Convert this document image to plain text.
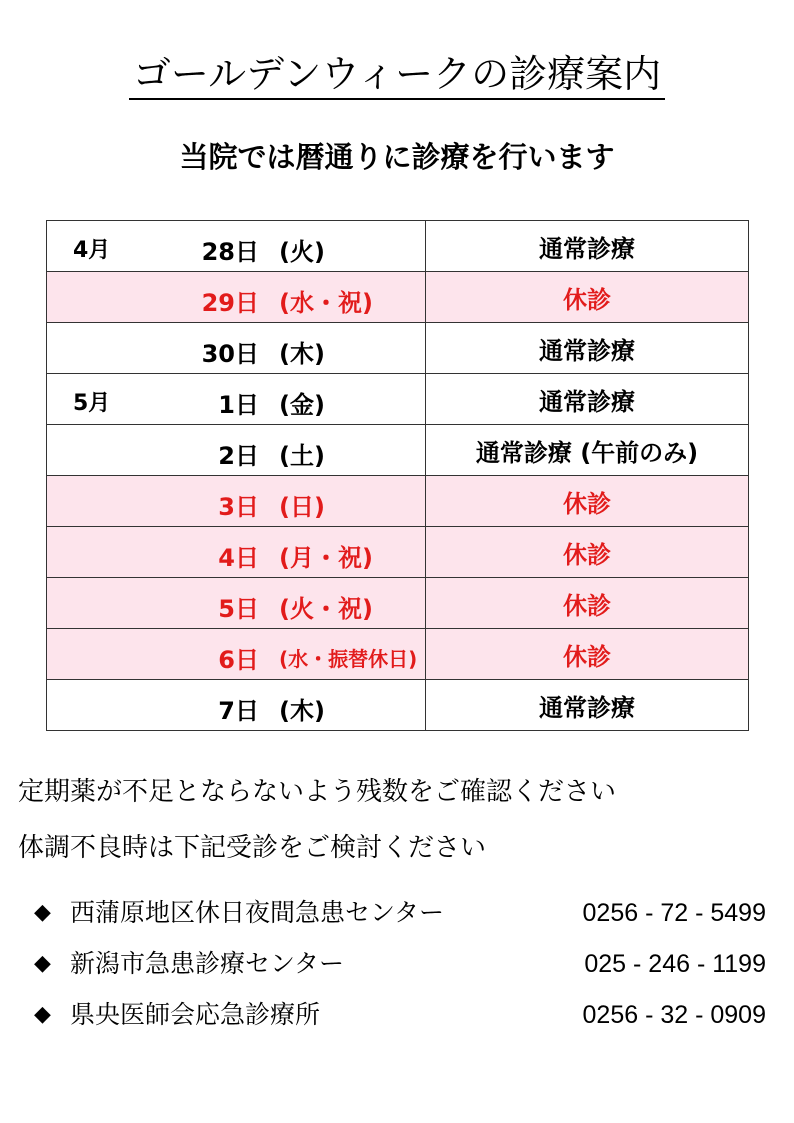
ゴールデンウィークの診療案内
当院では暦通りに診療を行います
4月 28日 (火)	通常診療

29日 (水・祝)	休診

30日 (木)	通常診療

5月 1日 (金)	通常診療

2日 (土)	通常診療 (午前のみ)

3日 (日)	休診

4日 (月・祝)	休診

5日 (火・祝)	休診

6日 (水・振替休日)	休診

7日 (木)	通常診療
定期薬が不足とならないよう残数をご確認ください
体調不良時は下記受診をご検討ください
◆ 西蒲原地区休日夜間急患センター	0256 - 72 - 5499
◆ 新潟市急患診療センター	025 - 246 - 1199
◆ 県央医師会応急診療所	0256 - 32 - 0909
